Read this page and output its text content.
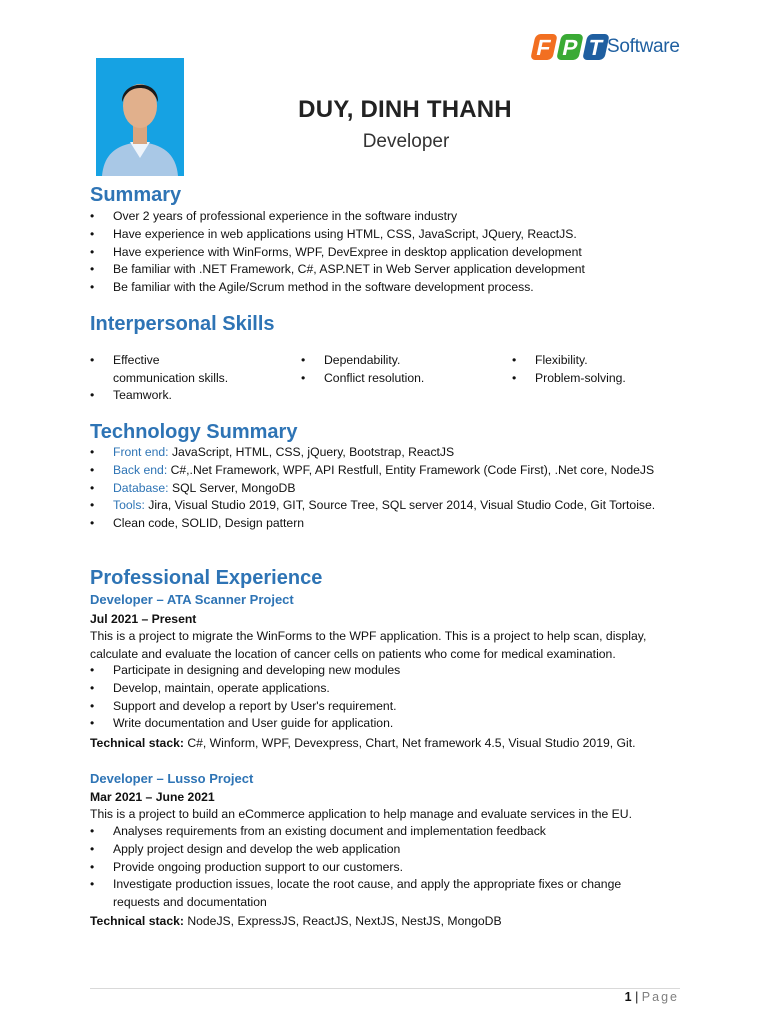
F P T Software
DUY, DINH THANH
Developer
Summary
• Over 2 years of professional experience in the software industry
• Have experience in web applications using HTML, CSS, JavaScript, JQuery, ReactJS.
• Have experience with WinForms, WPF, DevExpree in desktop application development
• Be familiar with .NET Framework, C#, ASP.NET in Web Server application development
• Be familiar with the Agile/Scrum method in the software development process.
Interpersonal Skills
• Effective communication skills.
• Teamwork.
• Dependability.
• Conflict resolution.
• Flexibility.
• Problem-solving.
Technology Summary
• Front end: JavaScript, HTML, CSS, jQuery, Bootstrap, ReactJS
• Back end: C#,.Net Framework, WPF, API Restfull, Entity Framework (Code First), .Net core, NodeJS
• Database: SQL Server, MongoDB
• Tools: Jira, Visual Studio 2019, GIT, Source Tree, SQL server 2014, Visual Studio Code, Git Tortoise.
• Clean code, SOLID, Design pattern
Professional Experience
Developer – ATA Scanner Project
Jul 2021 – Present
This is a project to migrate the WinForms to the WPF application. This is a project to help scan, display, calculate and evaluate the location of cancer cells on patients who come for medical examination.
• Participate in designing and developing new modules
• Develop, maintain, operate applications.
• Support and develop a report by User's requirement.
• Write documentation and User guide for application.
Technical stack: C#, Winform, WPF, Devexpress, Chart, Net framework 4.5, Visual Studio 2019, Git.
Developer – Lusso Project
Mar 2021 – June 2021
This is a project to build an eCommerce application to help manage and evaluate services in the EU.
• Analyses requirements from an existing document and implementation feedback
• Apply project design and develop the web application
• Provide ongoing production support to our customers.
• Investigate production issues, locate the root cause, and apply the appropriate fixes or change requests and documentation
Technical stack: NodeJS, ExpressJS, ReactJS, NextJS, NestJS, MongoDB
1 | Page
